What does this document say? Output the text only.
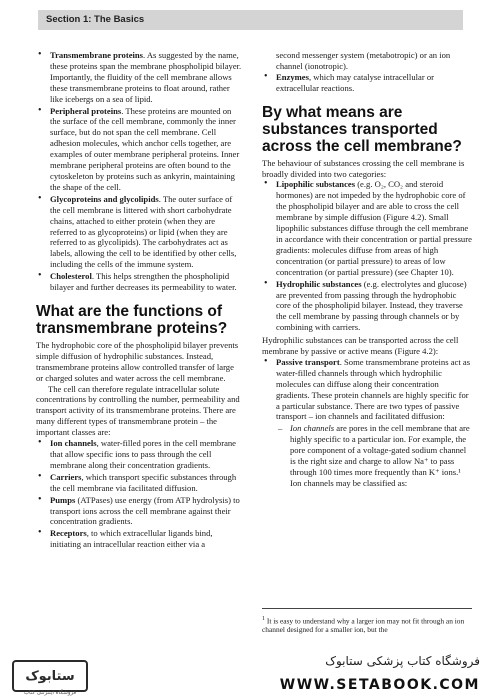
Section 1: The Basics
• Transmembrane proteins. As suggested by the name, these proteins span the membrane phospholipid bilayer. Importantly, the fluidity of the cell membrane allows these transmembrane proteins to float around, rather like icebergs on a sea of lipid.
• Peripheral proteins. These proteins are mounted on the surface of the cell membrane, commonly the inner surface, but do not span the cell membrane. Cell adhesion molecules, which anchor cells together, are examples of outer membrane peripheral proteins. Inner membrane peripheral proteins are often bound to the cytoskeleton by proteins such as ankyrin, maintaining the shape of the cell.
• Glycoproteins and glycolipids. The outer surface of the cell membrane is littered with short carbohydrate chains, attached to either protein (when they are referred to as glycoproteins) or lipid (when they are referred to as glycolipids). The carbohydrates act as labels, allowing the cell to be identified by other cells, including the cells of the immune system.
• Cholesterol. This helps strengthen the phospholipid bilayer and further decreases its permeability to water.
What are the functions of transmembrane proteins?

The hydrophobic core of the phospholipid bilayer prevents simple diffusion of hydrophilic substances. Instead, transmembrane proteins allow controlled transfer of large or charged solutes and water across the cell membrane.

The cell can therefore regulate intracellular solute concentrations by controlling the number, permeability and transport activity of its transmembrane proteins. There are many different types of transmembrane protein – the important classes are:

• Ion channels, water-filled pores in the cell membrane that allow specific ions to pass through the cell membrane along their concentration gradients.
• Carriers, which transport specific substances through the cell membrane via facilitated diffusion.
• Pumps (ATPases) use energy (from ATP hydrolysis) to transport ions across the cell membrane against their concentration gradients.
• Receptors, to which extracellular ligands bind, initiating an intracellular reaction either via a

second messenger system (metabotropic) or an ion channel (ionotropic).

• Enzymes, which may catalyse intracellular or extracellular reactions.
By what means are substances transported across the cell membrane?

The behaviour of substances crossing the cell membrane is broadly divided into two categories:

• Lipophilic substances (e.g. O₂, CO₂ and steroid hormones) are not impeded by the hydrophobic core of the phospholipid bilayer and are able to cross the cell membrane by simple diffusion (Figure 4.2). Small lipophilic substances diffuse through the cell membrane in accordance with their concentration or partial pressure gradients: molecules diffuse from areas of high concentration (or partial pressure) to areas of low concentration (or partial pressure) (see Chapter 10).
• Hydrophilic substances (e.g. electrolytes and glucose) are prevented from passing through the hydrophobic core of the phospholipid bilayer. Instead, they traverse the cell membrane by passing through channels or by combining with carriers.

Hydrophilic substances can be transported across the cell membrane by passive or active means (Figure 4.2):

• Passive transport. Some transmembrane proteins act as water-filled channels through which hydrophilic molecules can diffuse along their concentration gradients. These protein channels are highly specific for a particular substance. There are two types of passive transport – ion channels and facilitated diffusion:
– Ion channels are pores in the cell membrane that are highly specific to a particular ion. For example, the pore component of a voltage-gated sodium channel is the right size and charge to allow Na⁺ to pass through 100 times more frequently than K⁺ ions.¹ Ion channels may be classified as:
$^1$ It is easy to understand why a larger ion may not fit through an ion channel designed for a smaller ion, but the
ستابوک
فروشگاه اینترنتی کتاب
فروشگاه کتاب پزشکی ستابوک
WWW.SETABOOK.COM
